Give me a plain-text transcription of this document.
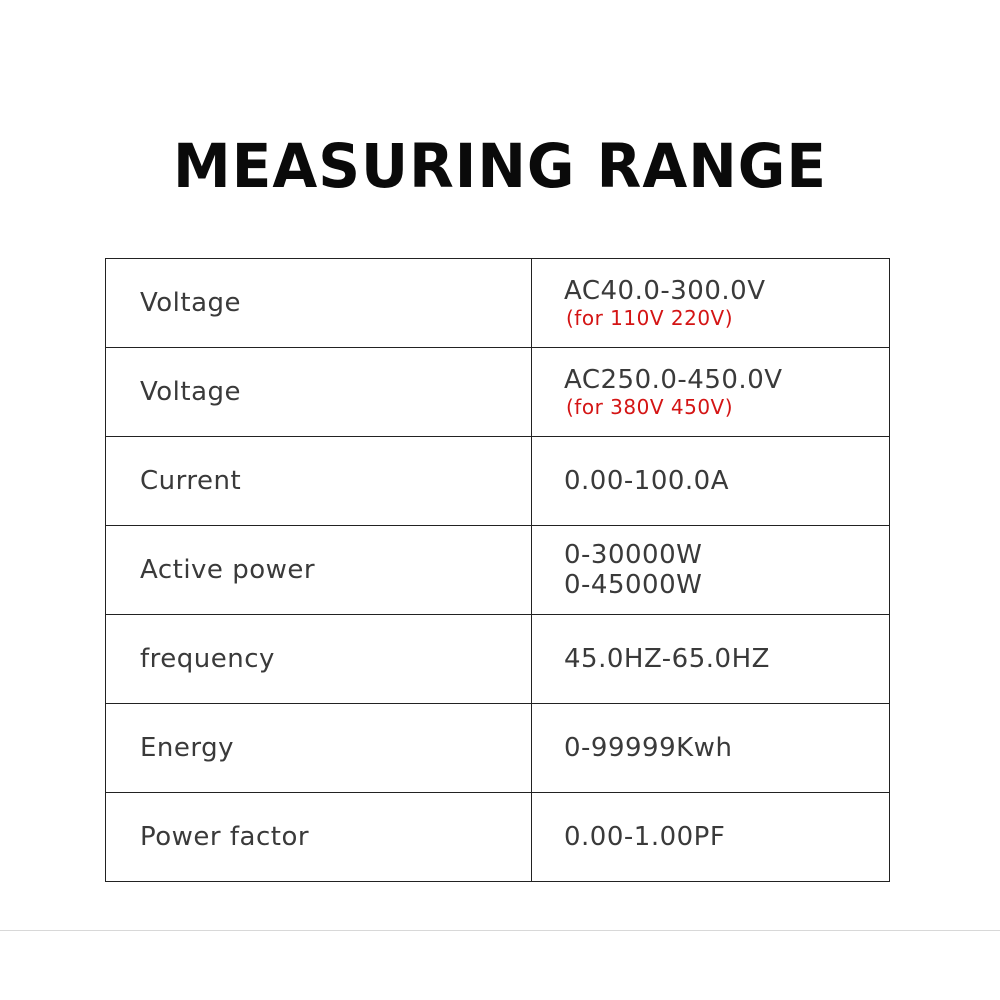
MEASURING RANGE
Voltage	AC40.0-300.0V
(for 110V 220V)

Voltage	AC250.0-450.0V
(for 380V 450V)

Current	0.00-100.0A

Active power	0-30000W
0-45000W

frequency	45.0HZ-65.0HZ

Energy	0-99999Kwh

Power factor	0.00-1.00PF
